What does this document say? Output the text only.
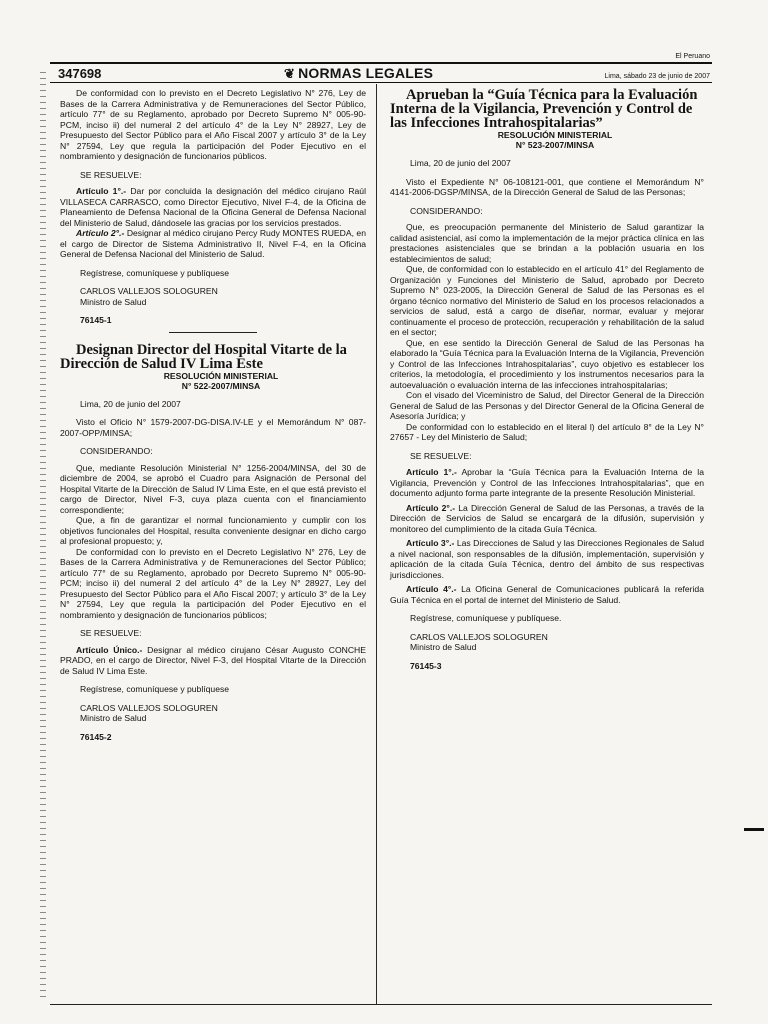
347698	❦ NORMAS LEGALES
El Peruano
Lima, sábado 23 de junio de 2007

De conformidad con lo previsto en el Decreto Legislativo N° 276, Ley de Bases de la Carrera Administrativa y de Remuneraciones del Sector Público, artículo 77° de su Reglamento, aprobado por Decreto Supremo N° 005-90-PCM, inciso ii) del numeral 2 del artículo 4° de la Ley N° 28927, Ley de Presupuesto del Sector Público para el Año Fiscal 2007 y artículo 3° de la Ley N° 27594, Ley que regula la participación del Poder Ejecutivo en el nombramiento y designación de funcionarios públicos.

SE RESUELVE:

Artículo 1°.- Dar por concluida la designación del médico cirujano Raúl VILLASECA CARRASCO, como Director Ejecutivo, Nivel F-4, de la Oficina de Planeamiento de Defensa Nacional de la Oficina General de Defensa Nacional del Ministerio de Salud, dándosele las gracias por los servicios prestados.

Artículo 2°.- Designar al médico cirujano Percy Rudy MONTES RUEDA, en el cargo de Director de Sistema Administrativo II, Nivel F-4, en la Oficina General de Defensa Nacional del Ministerio de Salud.

Regístrese, comuníquese y publíquese

CARLOS VALLEJOS SOLOGUREN

Ministro de Salud

76145-1

Designan Director del Hospital Vitarte de la Dirección de Salud IV Lima Este

RESOLUCIÓN MINISTERIAL

N° 522-2007/MINSA

Lima, 20 de junio del 2007

Visto el Oficio N° 1579-2007-DG-DISA.IV-LE y el Memorándum N° 087-2007-OPP/MINSA;

CONSIDERANDO:

Que, mediante Resolución Ministerial N° 1256-2004/MINSA, del 30 de diciembre de 2004, se aprobó el Cuadro para Asignación de Personal del Hospital Vitarte de la Dirección de Salud IV Lima Este, en el que está previsto el cargo de Director, Nivel F-3, cuya plaza cuenta con el financiamiento correspondiente;

Que, a fin de garantizar el normal funcionamiento y cumplir con los objetivos funcionales del Hospital, resulta conveniente designar en dicho cargo al profesional propuesto; y,

De conformidad con lo previsto en el Decreto Legislativo N° 276, Ley de Bases de la Carrera Administrativa y de Remuneraciones del Sector Público; artículo 77° de su Reglamento, aprobado por Decreto Supremo N° 005-90-PCM; inciso ii) del numeral 2 del artículo 4° de la Ley N° 28927, Ley del Presupuesto del Sector Público para el Año Fiscal 2007; y artículo 3° de la Ley N° 27594, Ley que regula la participación del Poder Ejecutivo en el nombramiento y designación de funcionarios públicos;

SE RESUELVE:

Artículo Único.- Designar al médico cirujano César Augusto CONCHE PRADO, en el cargo de Director, Nivel F-3, del Hospital Vitarte de la Dirección de Salud IV Lima Este.

Regístrese, comuníquese y publíquese

CARLOS VALLEJOS SOLOGUREN

Ministro de Salud

76145-2

Aprueban la “Guía Técnica para la Evaluación Interna de la Vigilancia, Prevención y Control de las Infecciones Intrahospitalarias”

RESOLUCIÓN MINISTERIAL

N° 523-2007/MINSA

Lima, 20 de junio del 2007

Visto el Expediente N° 06-108121-001, que contiene el Memorándum N° 4141-2006-DGSP/MINSA, de la Dirección General de Salud de las Personas;

CONSIDERANDO:

Que, es preocupación permanente del Ministerio de Salud garantizar la calidad asistencial, así como la implementación de la mejor práctica clínica en las prestaciones asistenciales que se brindan a la población usuaria en los establecimientos de salud;

Que, de conformidad con lo establecido en el artículo 41° del Reglamento de Organización y Funciones del Ministerio de Salud, aprobado por Decreto Supremo N° 023-2005, la Dirección General de Salud de las Personas es el órgano técnico normativo del Ministerio de Salud en los procesos relacionados a servicios de salud, está a cargo de diseñar, normar, evaluar y mejorar continuamente el proceso de protección, recuperación y rehabilitación de la salud en el sector;

Que, en ese sentido la Dirección General de Salud de las Personas ha elaborado la “Guía Técnica para la Evaluación Interna de la Vigilancia, Prevención y Control de las Infecciones Intrahospitalarias”, cuyo objetivo es establecer los criterios, la metodología, el procedimiento y los instrumentos necesarios para la autoevaluación o evaluación interna de las infecciones intrahospitalarias;

Con el visado del Viceministro de Salud, del Director General de la Dirección General de Salud de las Personas y del Director General de la Oficina General de Asesoría Jurídica; y

De conformidad con lo establecido en el literal l) del artículo 8° de la Ley N° 27657 - Ley del Ministerio de Salud;

SE RESUELVE:

Artículo 1°.- Aprobar la “Guía Técnica para la Evaluación Interna de la Vigilancia, Prevención y Control de las Infecciones Intrahospitalarias”, que en documento adjunto forma parte integrante de la presente Resolución Ministerial.

Artículo 2°.- La Dirección General de Salud de las Personas, a través de la Dirección de Servicios de Salud se encargará de la difusión, supervisión y monitoreo del cumplimiento de la citada Guía Técnica.

Artículo 3°.- Las Direcciones de Salud y las Direcciones Regionales de Salud a nivel nacional, son responsables de la difusión, implementación, supervisión y aplicación de la citada Guía Técnica, dentro del ámbito de sus respectivas jurisdicciones.

Artículo 4°.- La Oficina General de Comunicaciones publicará la referida Guía Técnica en el portal de internet del Ministerio de Salud.

Regístrese, comuníquese y publíquese.

CARLOS VALLEJOS SOLOGUREN

Ministro de Salud

76145-3
